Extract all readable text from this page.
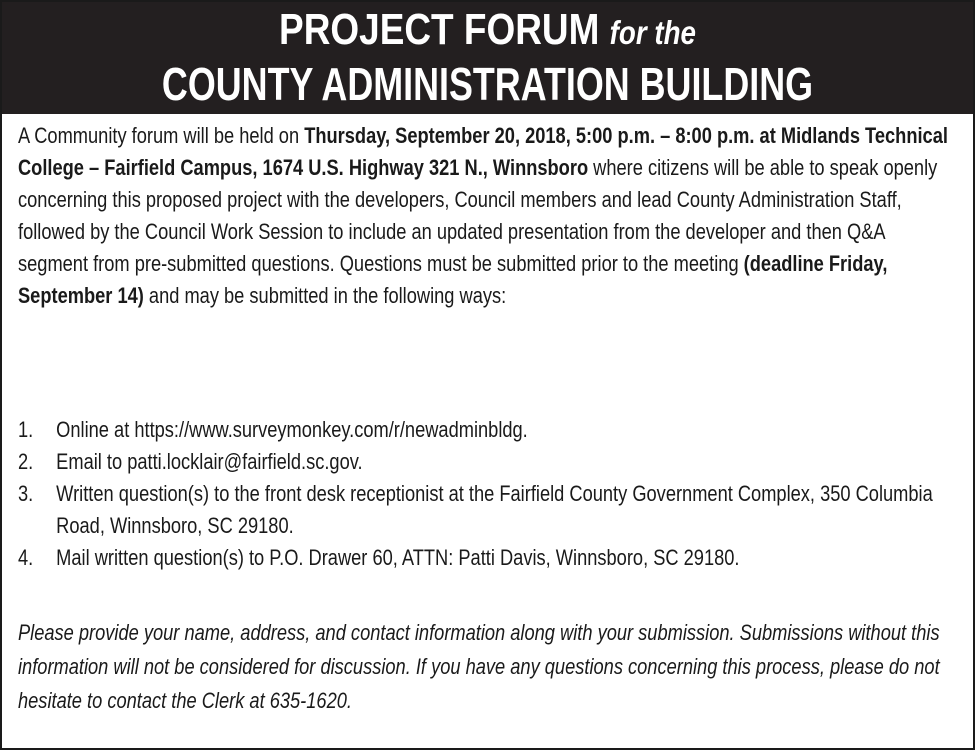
PROJECT FORUM for the
COUNTY ADMINISTRATION BUILDING

A Community forum will be held on Thursday, September 20, 2018, 5:00 p.m. – 8:00 p.m. at Midlands Technical College – Fairfield Campus, 1674 U.S. Highway 321 N., Winnsboro where citizens will be able to speak openly concerning this proposed project with the developers, Council members and lead County Administration Staff, followed by the Council Work Session to include an updated presentation from the developer and then Q&A segment from pre-submitted questions. Questions must be submitted prior to the meeting (deadline Friday, September 14) and may be submitted in the following ways:

1.	Online at https://www.surveymonkey.com/r/newadminbldg.
2.	Email to patti.locklair@fairfield.sc.gov.
3.	Written question(s) to the front desk receptionist at the Fairfield County Government Complex, 350 Columbia Road, Winnsboro, SC 29180.
4.	Mail written question(s) to P.O. Drawer 60, ATTN: Patti Davis, Winnsboro, SC 29180.

Please provide your name, address, and contact information along with your submission. Submissions without this information will not be considered for discussion. If you have any questions concerning this process, please do not hesitate to contact the Clerk at 635-1620.
